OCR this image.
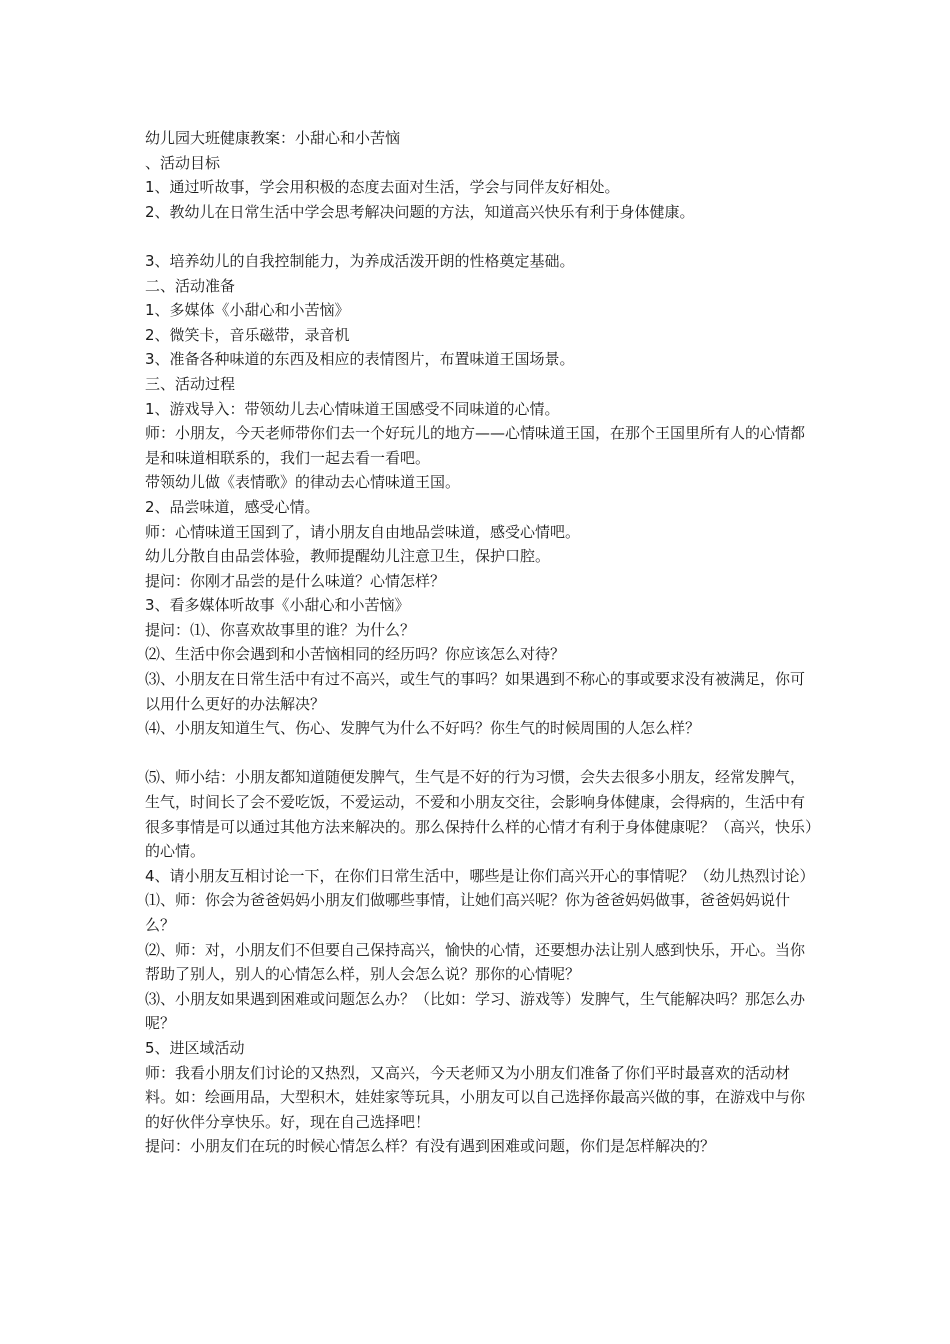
幼儿园大班健康教案：小甜心和小苦恼

、活动目标

1、通过听故事，学会用积极的态度去面对生活，学会与同伴友好相处。

2、教幼儿在日常生活中学会思考解决问题的方法，知道高兴快乐有利于身体健康。

3、培养幼儿的自我控制能力，为养成活泼开朗的性格奠定基础。

二、活动准备

1、多媒体《小甜心和小苦恼》

2、微笑卡，音乐磁带，录音机

3、准备各种味道的东西及相应的表情图片，布置味道王国场景。

三、活动过程

1、游戏导入：带领幼儿去心情味道王国感受不同味道的心情。

师：小朋友，今天老师带你们去一个好玩儿的地方——心情味道王国，在那个王国里所有人的心情都是和味道相联系的，我们一起去看一看吧。

带领幼儿做《表情歌》的律动去心情味道王国。

2、品尝味道，感受心情。

师：心情味道王国到了，请小朋友自由地品尝味道，感受心情吧。

幼儿分散自由品尝体验，教师提醒幼儿注意卫生，保护口腔。

提问：你刚才品尝的是什么味道？心情怎样？

3、看多媒体听故事《小甜心和小苦恼》

提问：⑴、你喜欢故事里的谁？为什么？

⑵、生活中你会遇到和小苦恼相同的经历吗？你应该怎么对待？

⑶、小朋友在日常生活中有过不高兴，或生气的事吗？如果遇到不称心的事或要求没有被满足，你可以用什么更好的办法解决？

⑷、小朋友知道生气、伤心、发脾气为什么不好吗？你生气的时候周围的人怎么样？

⑸、师小结：小朋友都知道随便发脾气，生气是不好的行为习惯，会失去很多小朋友，经常发脾气，生气，时间长了会不爱吃饭，不爱运动，不爱和小朋友交往，会影响身体健康，会得病的，生活中有很多事情是可以通过其他方法来解决的。那么保持什么样的心情才有利于身体健康呢？（高兴，快乐）的心情。

4、请小朋友互相讨论一下，在你们日常生活中，哪些是让你们高兴开心的事情呢？（幼儿热烈讨论）

⑴、师：你会为爸爸妈妈小朋友们做哪些事情，让她们高兴呢？你为爸爸妈妈做事，爸爸妈妈说什么？

⑵、师：对，小朋友们不但要自己保持高兴，愉快的心情，还要想办法让别人感到快乐，开心。当你帮助了别人，别人的心情怎么样，别人会怎么说？那你的心情呢？

⑶、小朋友如果遇到困难或问题怎么办？（比如：学习、游戏等）发脾气，生气能解决吗？那怎么办呢？

5、进区域活动

师：我看小朋友们讨论的又热烈，又高兴，今天老师又为小朋友们准备了你们平时最喜欢的活动材料。如：绘画用品，大型积木，娃娃家等玩具，小朋友可以自己选择你最高兴做的事，在游戏中与你的好伙伴分享快乐。好，现在自己选择吧！

提问：小朋友们在玩的时候心情怎么样？有没有遇到困难或问题，你们是怎样解决的？
